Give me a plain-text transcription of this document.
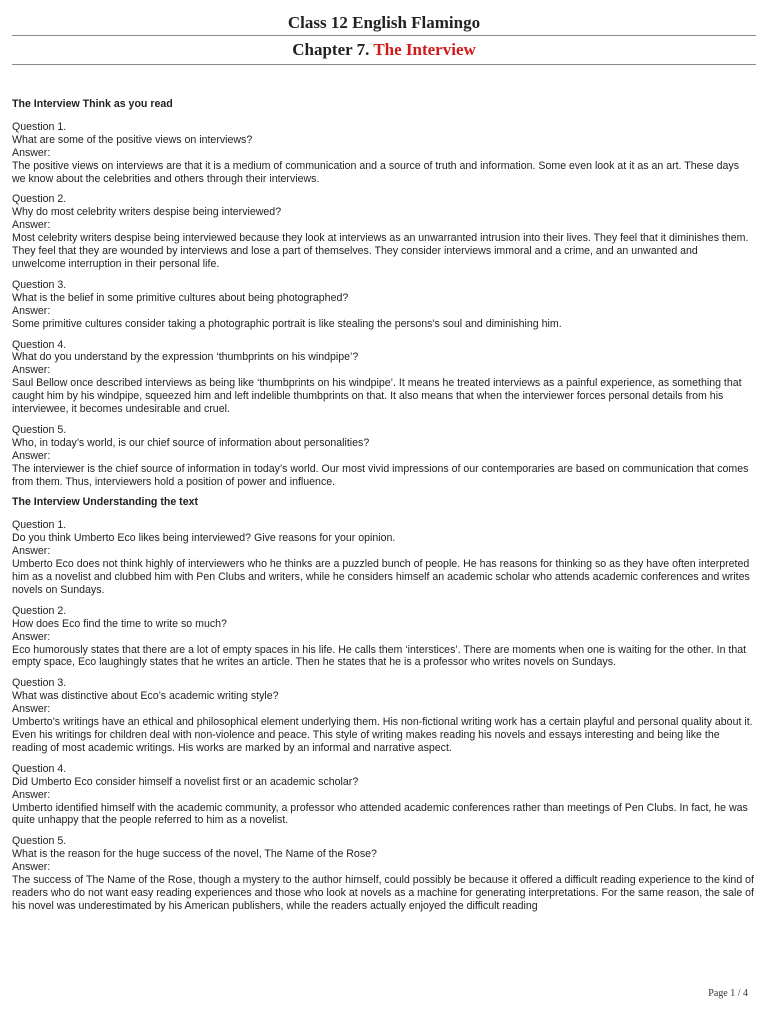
Class 12 English Flamingo
Chapter 7. The Interview

The Interview Think as you read

Question 1.

What are some of the positive views on interviews?

Answer:

The positive views on interviews are that it is a medium of communication and a source of truth and information. Some even look at it as an art. These days we know about the celebrities and others through their interviews.

Question 2.

Why do most celebrity writers despise being interviewed?

Answer:

Most celebrity writers despise being interviewed because they look at interviews as an unwarranted intrusion into their lives. They feel that it diminishes them. They feel that they are wounded by interviews and lose a part of themselves. They consider interviews immoral and a crime, and an unwanted and unwelcome interruption in their personal life.

Question 3.

What is the belief in some primitive cultures about being photographed?

Answer:

Some primitive cultures consider taking a photographic portrait is like stealing the persons's soul and diminishing him.

Question 4.

What do you understand by the expression ‘thumbprints on his windpipe’?

Answer:

Saul Bellow once described interviews as being like ‘thumbprints on his windpipe’. It means he treated interviews as a painful experience, as something that caught him by his windpipe, squeezed him and left indelible thumbprints on that. It also means that when the interviewer forces personal details from his interviewee, it becomes undesirable and cruel.

Question 5.

Who, in today’s world, is our chief source of information about personalities?

Answer:

The interviewer is the chief source of information in today’s world. Our most vivid impressions of our contemporaries are based on communication that comes from them. Thus, interviewers hold a position of power and influence.

The Interview Understanding the text

Question 1.

Do you think Umberto Eco likes being interviewed? Give reasons for your opinion.

Answer:

Umberto Eco does not think highly of interviewers who he thinks are a puzzled bunch of people. He has reasons for thinking so as they have often interpreted him as a novelist and clubbed him with Pen Clubs and writers, while he considers himself an academic scholar who attends academic conferences and writes novels on Sundays.

Question 2.

How does Eco find the time to write so much?

Answer:

Eco humorously states that there are a lot of empty spaces in his life. He calls them ‘interstices’. There are moments when one is waiting for the other. In that empty space, Eco laughingly states that he writes an article. Then he states that he is a professor who writes novels on Sundays.

Question 3.

What was distinctive about Eco’s academic writing style?

Answer:

Umberto’s writings have an ethical and philosophical element underlying them. His non-fictional writing work has a certain playful and personal quality about it. Even his writings for children deal with non-violence and peace. This style of writing makes reading his novels and essays interesting and being like the reading of most academic writings. His works are marked by an informal and narrative aspect.

Question 4.

Did Umberto Eco consider himself a novelist first or an academic scholar?

Answer:

Umberto identified himself with the academic community, a professor who attended academic conferences rather than meetings of Pen Clubs. In fact, he was quite unhappy that the people referred to him as a novelist.

Question 5.

What is the reason for the huge success of the novel, The Name of the Rose?

Answer:

The success of The Name of the Rose, though a mystery to the author himself, could possibly be because it offered a difficult reading experience to the kind of readers who do not want easy reading experiences and those who look at novels as a machine for generating interpretations. For the same reason, the sale of his novel was underestimated by his American publishers, while the readers actually enjoyed the difficult reading

Page 1 / 4
